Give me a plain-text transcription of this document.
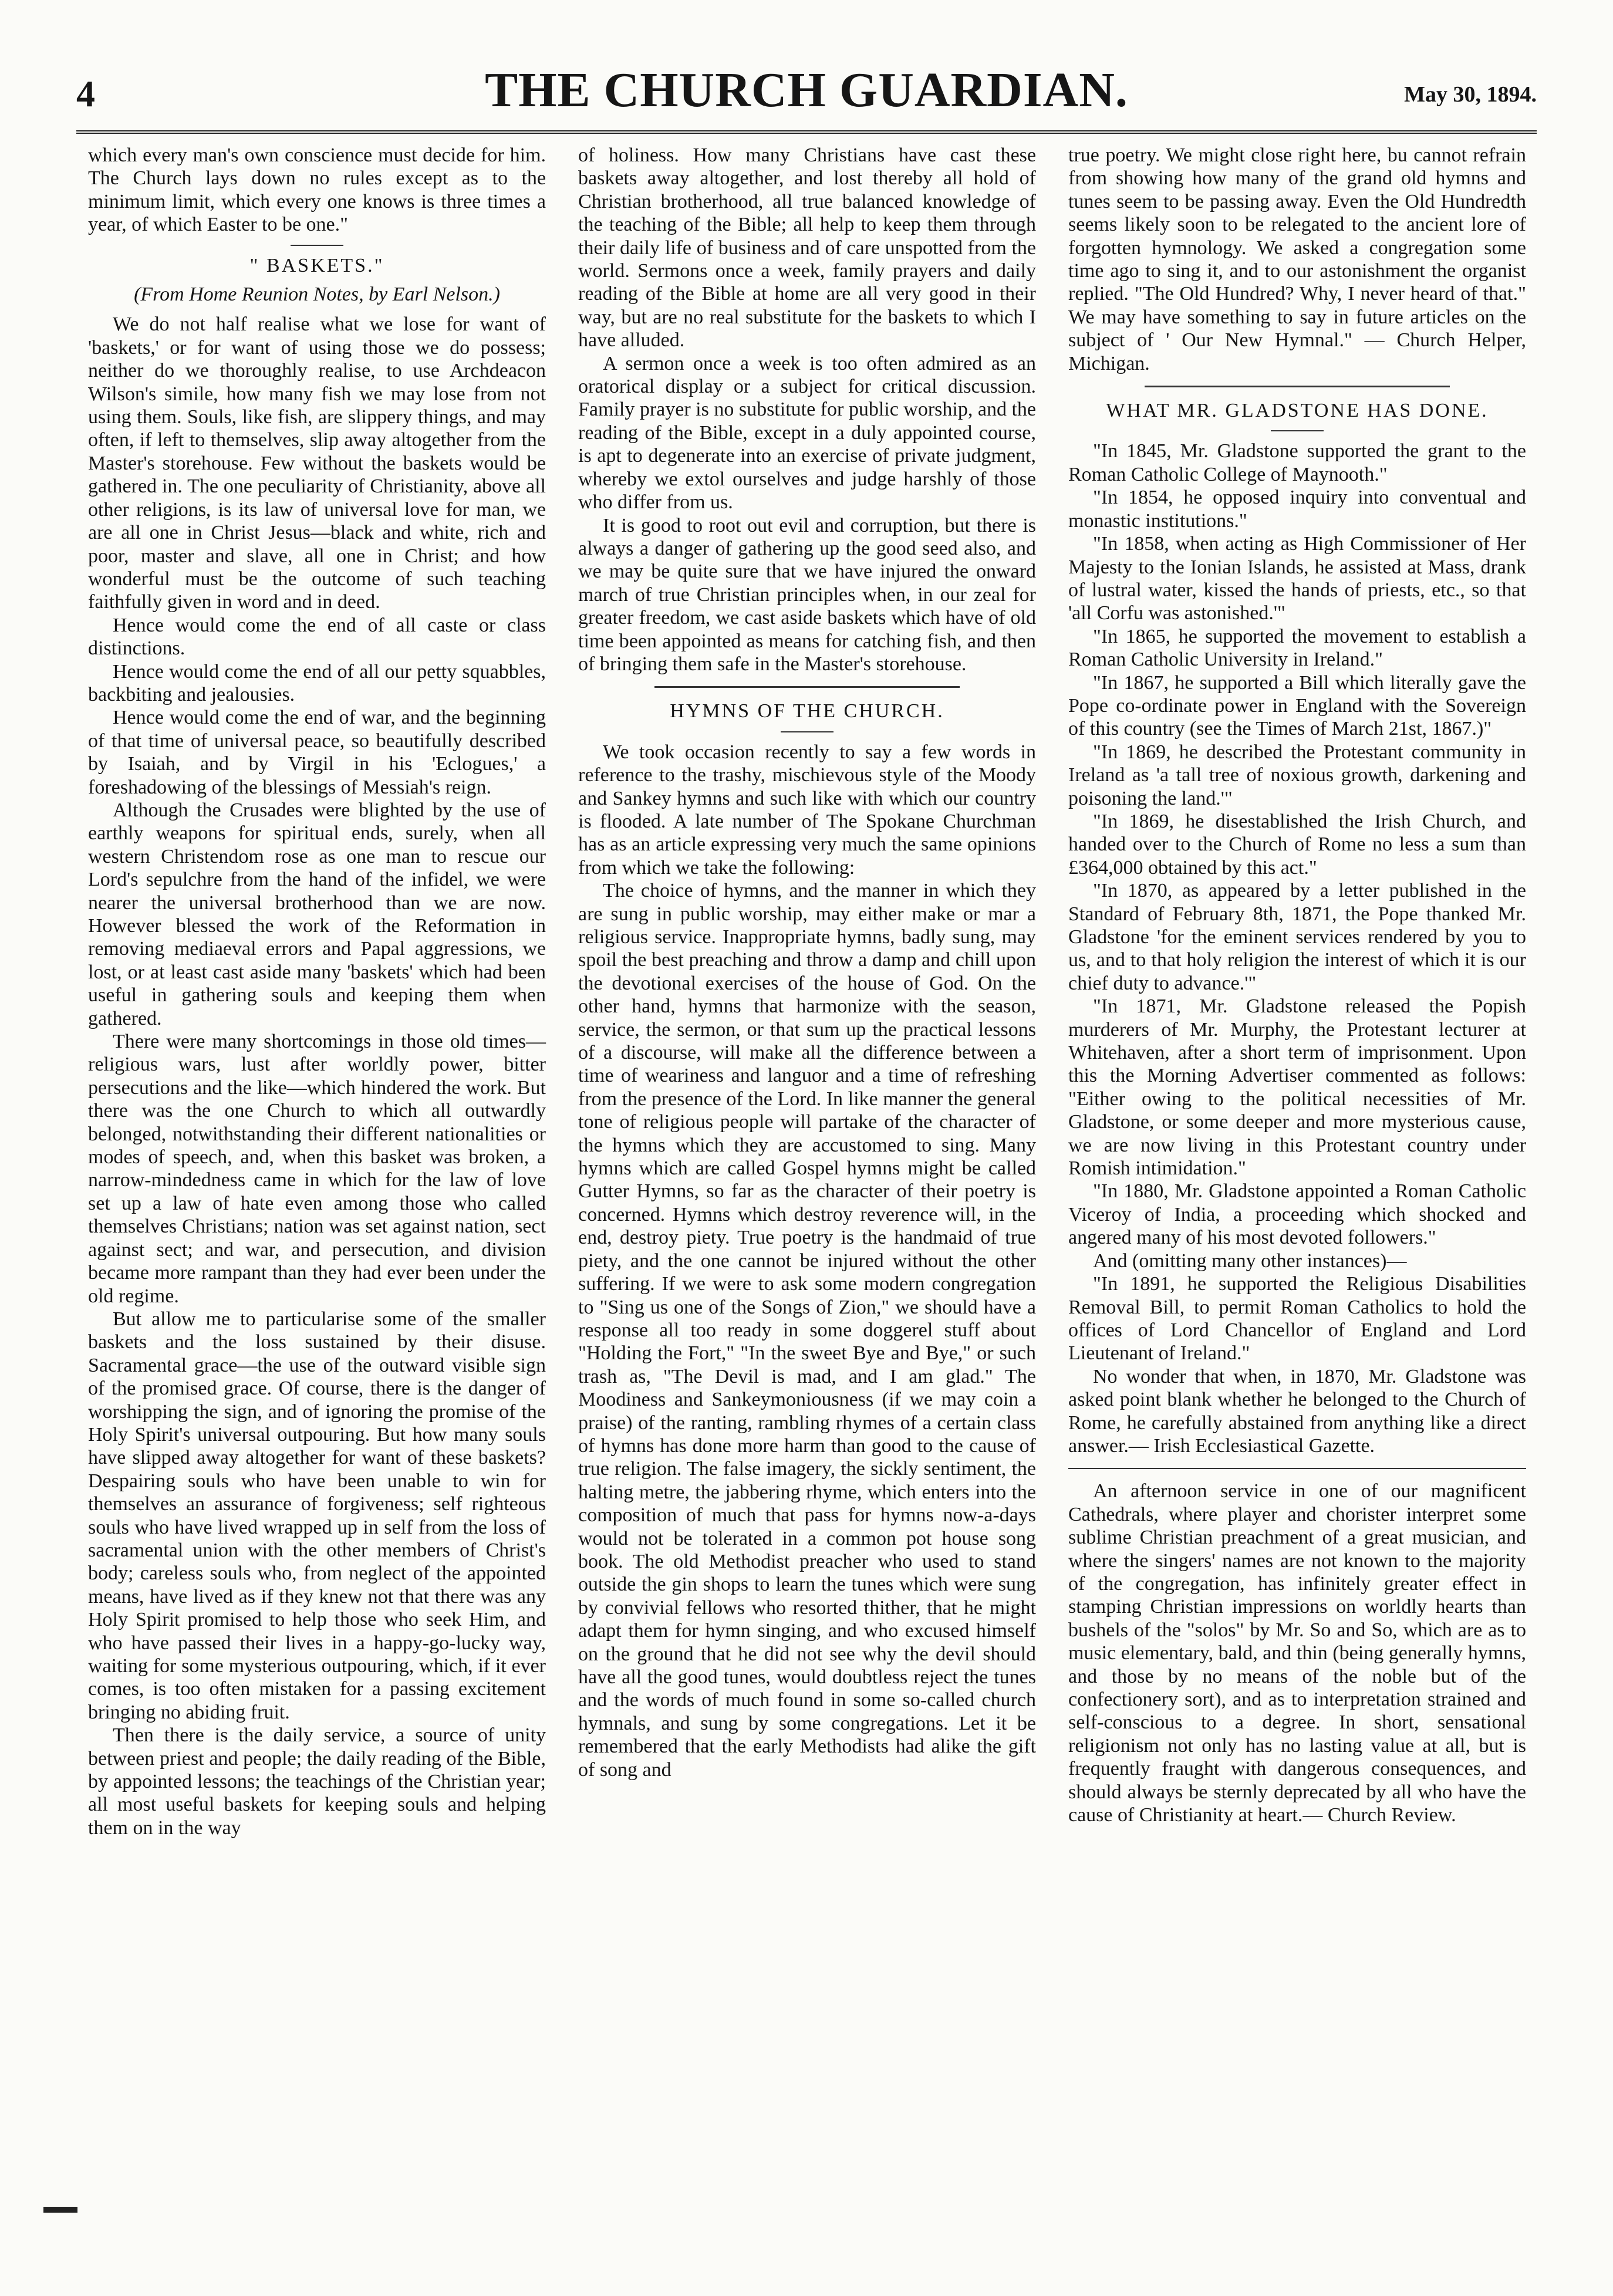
4	THE CHURCH GUARDIAN.	May 30, 1894.

which every man's own conscience must decide for him. The Church lays down no rules except as to the minimum limit, which every one knows is three times a year, of which Easter to be one."

" BASKETS."
(From Home Reunion Notes, by Earl Nelson.)

We do not half realise what we lose for want of 'baskets,' or for want of using those we do possess; neither do we thoroughly realise, to use Archdeacon Wilson's simile, how many fish we may lose from not using them. Souls, like fish, are slippery things, and may often, if left to themselves, slip away altogether from the Master's storehouse. Few without the baskets would be gathered in. The one peculiarity of Christianity, above all other religions, is its law of universal love for man, we are all one in Christ Jesus—black and white, rich and poor, master and slave, all one in Christ; and how wonderful must be the outcome of such teaching faithfully given in word and in deed.

Hence would come the end of all caste or class distinctions.

Hence would come the end of all our petty squabbles, backbiting and jealousies.

Hence would come the end of war, and the beginning of that time of universal peace, so beautifully described by Isaiah, and by Virgil in his 'Eclogues,' a foreshadowing of the blessings of Messiah's reign.

Although the Crusades were blighted by the use of earthly weapons for spiritual ends, surely, when all western Christendom rose as one man to rescue our Lord's sepulchre from the hand of the infidel, we were nearer the universal brotherhood than we are now. However blessed the work of the Reformation in removing mediaeval errors and Papal aggressions, we lost, or at least cast aside many 'baskets' which had been useful in gathering souls and keeping them when gathered.

There were many shortcomings in those old times—religious wars, lust after worldly power, bitter persecutions and the like—which hindered the work. But there was the one Church to which all outwardly belonged, notwithstanding their different nationalities or modes of speech, and, when this basket was broken, a narrow-mindedness came in which for the law of love set up a law of hate even among those who called themselves Christians; nation was set against nation, sect against sect; and war, and persecution, and division became more rampant than they had ever been under the old regime.

But allow me to particularise some of the smaller baskets and the loss sustained by their disuse. Sacramental grace—the use of the outward visible sign of the promised grace. Of course, there is the danger of worshipping the sign, and of ignoring the promise of the Holy Spirit's universal outpouring. But how many souls have slipped away altogether for want of these baskets? Despairing souls who have been unable to win for themselves an assurance of forgiveness; self righteous souls who have lived wrapped up in self from the loss of sacramental union with the other members of Christ's body; careless souls who, from neglect of the appointed means, have lived as if they knew not that there was any Holy Spirit promised to help those who seek Him, and who have passed their lives in a happy-go-lucky way, waiting for some mysterious outpouring, which, if it ever comes, is too often mistaken for a passing excitement bringing no abiding fruit.

Then there is the daily service, a source of unity between priest and people; the daily reading of the Bible, by appointed lessons; the teachings of the Christian year; all most useful baskets for keeping souls and helping them on in the way

of holiness. How many Christians have cast these baskets away altogether, and lost thereby all hold of Christian brotherhood, all true balanced knowledge of the teaching of the Bible; all help to keep them through their daily life of business and of care unspotted from the world. Sermons once a week, family prayers and daily reading of the Bible at home are all very good in their way, but are no real substitute for the baskets to which I have alluded.

A sermon once a week is too often admired as an oratorical display or a subject for critical discussion. Family prayer is no substitute for public worship, and the reading of the Bible, except in a duly appointed course, is apt to degenerate into an exercise of private judgment, whereby we extol ourselves and judge harshly of those who differ from us.

It is good to root out evil and corruption, but there is always a danger of gathering up the good seed also, and we may be quite sure that we have injured the onward march of true Christian principles when, in our zeal for greater freedom, we cast aside baskets which have of old time been appointed as means for catching fish, and then of bringing them safe in the Master's storehouse.

HYMNS OF THE CHURCH.

We took occasion recently to say a few words in reference to the trashy, mischievous style of the Moody and Sankey hymns and such like with which our country is flooded. A late number of The Spokane Churchman has as an article expressing very much the same opinions from which we take the following:

The choice of hymns, and the manner in which they are sung in public worship, may either make or mar a religious service. Inappropriate hymns, badly sung, may spoil the best preaching and throw a damp and chill upon the devotional exercises of the house of God. On the other hand, hymns that harmonize with the season, service, the sermon, or that sum up the practical lessons of a discourse, will make all the difference between a time of weariness and languor and a time of refreshing from the presence of the Lord. In like manner the general tone of religious people will partake of the character of the hymns which they are accustomed to sing. Many hymns which are called Gospel hymns might be called Gutter Hymns, so far as the character of their poetry is concerned. Hymns which destroy reverence will, in the end, destroy piety. True poetry is the handmaid of true piety, and the one cannot be injured without the other suffering. If we were to ask some modern congregation to "Sing us one of the Songs of Zion," we should have a response all too ready in some doggerel stuff about "Holding the Fort," "In the sweet Bye and Bye," or such trash as, "The Devil is mad, and I am glad." The Moodiness and Sankeymoniousness (if we may coin a praise) of the ranting, rambling rhymes of a certain class of hymns has done more harm than good to the cause of true religion. The false imagery, the sickly sentiment, the halting metre, the jabbering rhyme, which enters into the composition of much that pass for hymns now-a-days would not be tolerated in a common pot house song book. The old Methodist preacher who used to stand outside the gin shops to learn the tunes which were sung by convivial fellows who resorted thither, that he might adapt them for hymn singing, and who excused himself on the ground that he did not see why the devil should have all the good tunes, would doubtless reject the tunes and the words of much found in some so-called church hymnals, and sung by some congregations. Let it be remembered that the early Methodists had alike the gift of song and

true poetry. We might close right here, bu cannot refrain from showing how many of the grand old hymns and tunes seem to be passing away. Even the Old Hundredth seems likely soon to be relegated to the ancient lore of forgotten hymnology. We asked a congregation some time ago to sing it, and to our astonishment the organist replied. "The Old Hundred? Why, I never heard of that." We may have something to say in future articles on the subject of ' Our New Hymnal." — Church Helper, Michigan.

WHAT MR. GLADSTONE HAS DONE.

"In 1845, Mr. Gladstone supported the grant to the Roman Catholic College of Maynooth."

"In 1854, he opposed inquiry into conventual and monastic institutions."

"In 1858, when acting as High Commissioner of Her Majesty to the Ionian Islands, he assisted at Mass, drank of lustral water, kissed the hands of priests, etc., so that 'all Corfu was astonished.'"

"In 1865, he supported the movement to establish a Roman Catholic University in Ireland."

"In 1867, he supported a Bill which literally gave the Pope co-ordinate power in England with the Sovereign of this country (see the Times of March 21st, 1867.)"

"In 1869, he described the Protestant community in Ireland as 'a tall tree of noxious growth, darkening and poisoning the land.'"

"In 1869, he disestablished the Irish Church, and handed over to the Church of Rome no less a sum than £364,000 obtained by this act."

"In 1870, as appeared by a letter published in the Standard of February 8th, 1871, the Pope thanked Mr. Gladstone 'for the eminent services rendered by you to us, and to that holy religion the interest of which it is our chief duty to advance.'"

"In 1871, Mr. Gladstone released the Popish murderers of Mr. Murphy, the Protestant lecturer at Whitehaven, after a short term of imprisonment. Upon this the Morning Advertiser commented as follows: "Either owing to the political necessities of Mr. Gladstone, or some deeper and more mysterious cause, we are now living in this Protestant country under Romish intimidation."

"In 1880, Mr. Gladstone appointed a Roman Catholic Viceroy of India, a proceeding which shocked and angered many of his most devoted followers."

And (omitting many other instances)—

"In 1891, he supported the Religious Disabilities Removal Bill, to permit Roman Catholics to hold the offices of Lord Chancellor of England and Lord Lieutenant of Ireland."

No wonder that when, in 1870, Mr. Gladstone was asked point blank whether he belonged to the Church of Rome, he carefully abstained from anything like a direct answer.— Irish Ecclesiastical Gazette.

An afternoon service in one of our magnificent Cathedrals, where player and chorister interpret some sublime Christian preachment of a great musician, and where the singers' names are not known to the majority of the congregation, has infinitely greater effect in stamping Christian impressions on worldly hearts than bushels of the "solos" by Mr. So and So, which are as to music elementary, bald, and thin (being generally hymns, and those by no means of the noble but of the confectionery sort), and as to interpretation strained and self-conscious to a degree. In short, sensational religionism not only has no lasting value at all, but is frequently fraught with dangerous consequences, and should always be sternly deprecated by all who have the cause of Christianity at heart.— Church Review.
